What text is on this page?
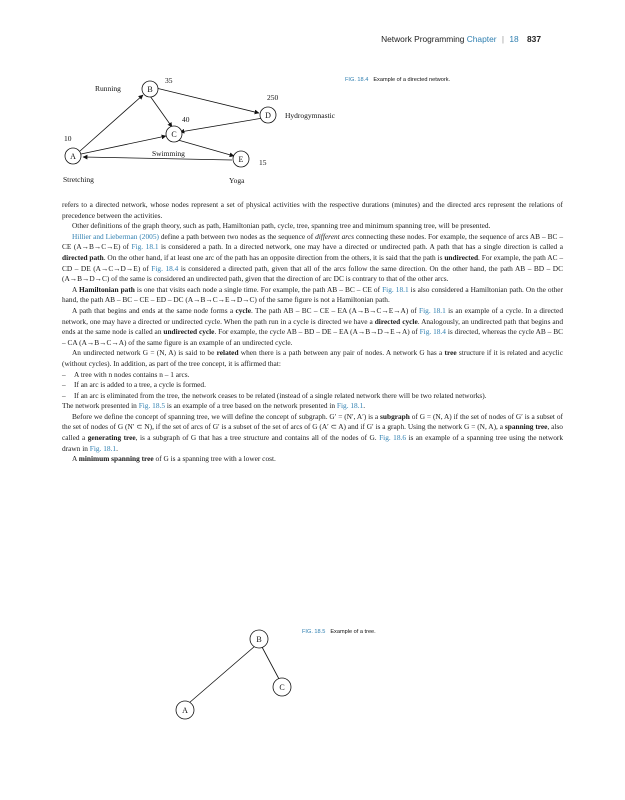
Network Programming Chapter | 18 837
B
D
C
A	E
Running
Hydrogymnastic
Swimming
Stretching	Yoga
35
250
40
10
15
FIG. 18.4 Example of a directed network.

refers to a directed network, whose nodes represent a set of physical activities with the respective durations (minutes) and the directed arcs represent the relations of precedence between the activities.

Other definitions of the graph theory, such as path, Hamiltonian path, cycle, tree, spanning tree and minimum spanning tree, will be presented.

Hillier and Lieberman (2005) define a path between two nodes as the sequence of different arcs connecting these nodes. For example, the sequence of arcs AB – BC – CE (A→B→C→E) of Fig. 18.1 is considered a path. In a directed network, one may have a directed or undirected path. A path that has a single direction is called a directed path. On the other hand, if at least one arc of the path has an opposite direction from the others, it is said that the path is undirected. For example, the path AC – CD – DE (A→C→D→E) of Fig. 18.4 is considered a directed path, given that all of the arcs follow the same direction. On the other hand, the path AB – BD – DC (A→B→D→C) of the same is considered an undirected path, given that the direction of arc DC is contrary to that of the other arcs.

A Hamiltonian path is one that visits each node a single time. For example, the path AB – BC – CE of Fig. 18.1 is also considered a Hamiltonian path. On the other hand, the path AB – BC – CE – ED – DC (A→B→C→E→D→C) of the same figure is not a Hamiltonian path.

A path that begins and ends at the same node forms a cycle. The path AB – BC – CE – EA (A→B→C→E→A) of Fig. 18.1 is an example of a cycle. In a directed network, one may have a directed or undirected cycle. When the path run in a cycle is directed we have a directed cycle. Analogously, an undirected path that begins and ends at the same node is called an undirected cycle. For example, the cycle AB – BD – DE – EA (A→B→D→E→A) of Fig. 18.4 is directed, whereas the cycle AB – BC – CA (A→B→C→A) of the same figure is an example of an undirected cycle.

An undirected network G = (N, A) is said to be related when there is a path between any pair of nodes. A network G has a tree structure if it is related and acyclic (without cycles). In addition, as part of the tree concept, it is affirmed that:

– A tree with n nodes contains n – 1 arcs.
– If an arc is added to a tree, a cycle is formed.
– If an arc is eliminated from the tree, the network ceases to be related (instead of a single related network there will be two related networks).

The network presented in Fig. 18.5 is an example of a tree based on the network presented in Fig. 18.1.

Before we define the concept of spanning tree, we will define the concept of subgraph. G′ = (N′, A′) is a subgraph of G = (N, A) if the set of nodes of G′ is a subset of the set of nodes of G (N′ ⊂ N), if the set of arcs of G′ is a subset of the set of arcs of G (A′ ⊂ A) and if G′ is a graph. Using the network G = (N, A), a spanning tree, also called a generating tree, is a subgraph of G that has a tree structure and contains all of the nodes of G. Fig. 18.6 is an example of a spanning tree using the network drawn in Fig. 18.1.

A minimum spanning tree of G is a spanning tree with a lower cost.

B
C
A
FIG. 18.5 Example of a tree.
